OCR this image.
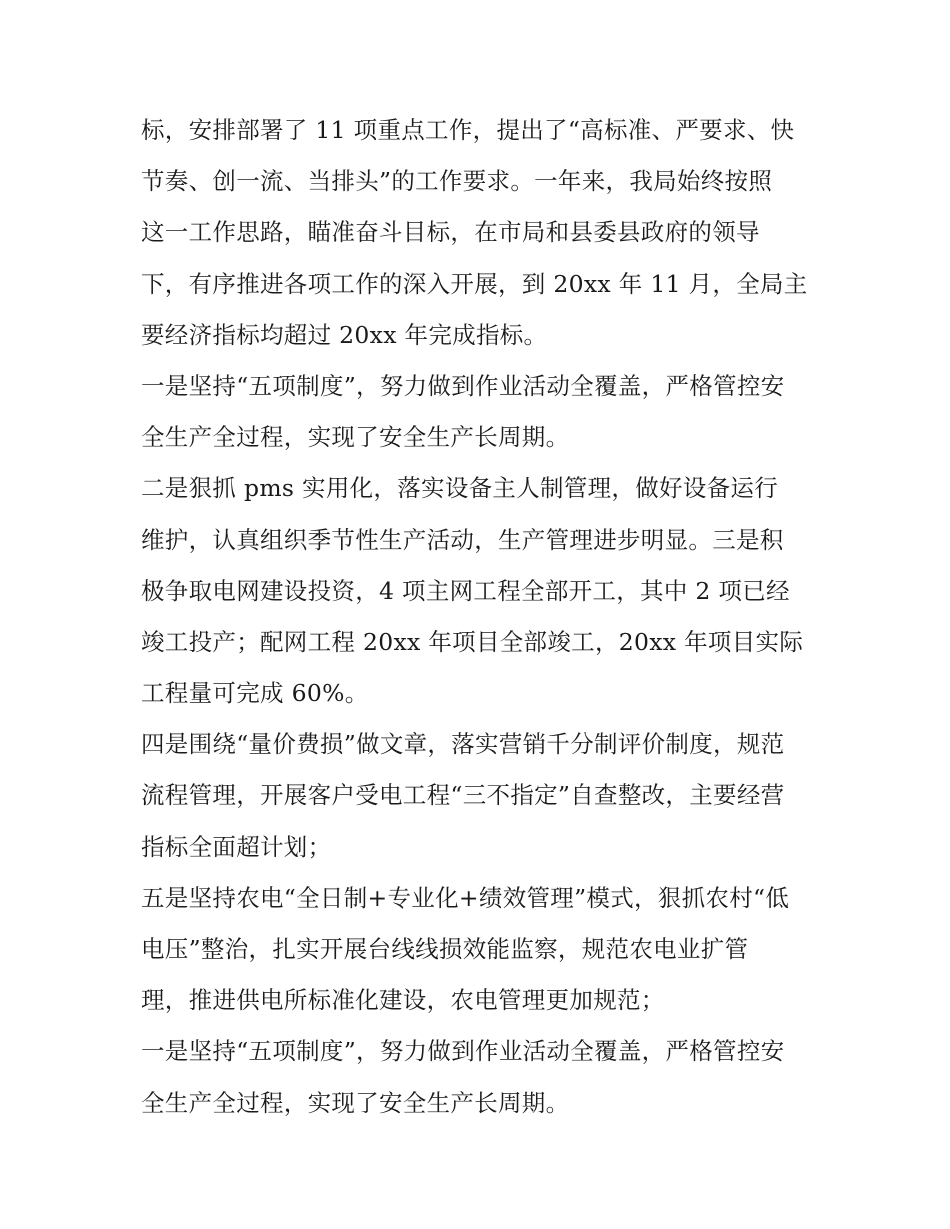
标，安排部署了 11 项重点工作，提出了“高标准、严要求、快
节奏、创一流、当排头”的工作要求。一年来，我局始终按照
这一工作思路，瞄准奋斗目标，在市局和县委县政府的领导
下，有序推进各项工作的深入开展，到 20xx 年 11 月，全局主
要经济指标均超过 20xx 年完成指标。
一是坚持“五项制度”，努力做到作业活动全覆盖，严格管控安
全生产全过程，实现了安全生产长周期。
二是狠抓 pms 实用化，落实设备主人制管理，做好设备运行
维护，认真组织季节性生产活动，生产管理进步明显。三是积
极争取电网建设投资，4 项主网工程全部开工，其中 2 项已经
竣工投产；配网工程 20xx 年项目全部竣工，20xx 年项目实际
工程量可完成 60%。
四是围绕“量价费损”做文章，落实营销千分制评价制度，规范
流程管理，开展客户受电工程“三不指定”自查整改，主要经营
指标全面超计划；
五是坚持农电“全日制+专业化+绩效管理”模式，狠抓农村“低
电压”整治，扎实开展台线线损效能监察，规范农电业扩管
理，推进供电所标准化建设，农电管理更加规范；
一是坚持“五项制度”，努力做到作业活动全覆盖，严格管控安
全生产全过程，实现了安全生产长周期。
